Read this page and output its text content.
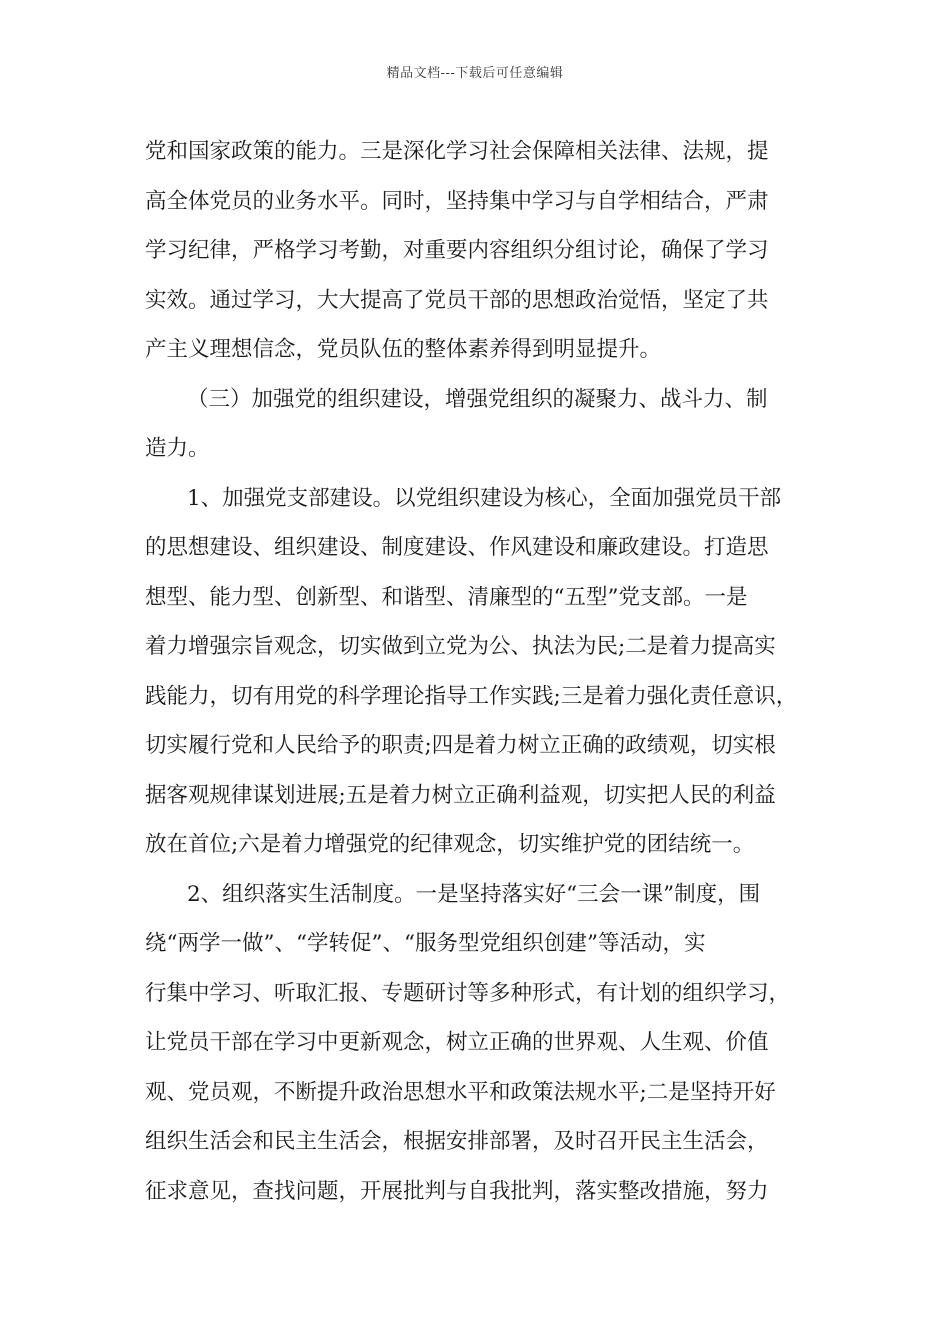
精品文档---下载后可任意编辑
党和国家政策的能力。三是深化学习社会保障相关法律、法规，提
高全体党员的业务水平。同时，坚持集中学习与自学相结合，严肃
学习纪律，严格学习考勤，对重要内容组织分组讨论，确保了学习
实效。通过学习，大大提高了党员干部的思想政治觉悟，坚定了共
产主义理想信念，党员队伍的整体素养得到明显提升。
（三）加强党的组织建设，增强党组织的凝聚力、战斗力、制
造力。
1、加强党支部建设。以党组织建设为核心，全面加强党员干部
的思想建设、组织建设、制度建设、作风建设和廉政建设。打造思
想型、能力型、创新型、和谐型、清廉型的“五型”党支部。一是
着力增强宗旨观念，切实做到立党为公、执法为民;二是着力提高实
践能力，切有用党的科学理论指导工作实践;三是着力强化责任意识，
切实履行党和人民给予的职责;四是着力树立正确的政绩观，切实根
据客观规律谋划进展;五是着力树立正确利益观，切实把人民的利益
放在首位;六是着力增强党的纪律观念，切实维护党的团结统一。
2、组织落实生活制度。一是坚持落实好“三会一课”制度，围
绕“两学一做”、“学转促”、“服务型党组织创建”等活动，实
行集中学习、听取汇报、专题研讨等多种形式，有计划的组织学习，
让党员干部在学习中更新观念，树立正确的世界观、人生观、价值
观、党员观，不断提升政治思想水平和政策法规水平;二是坚持开好
组织生活会和民主生活会，根据安排部署，及时召开民主生活会，
征求意见，查找问题，开展批判与自我批判，落实整改措施，努力
